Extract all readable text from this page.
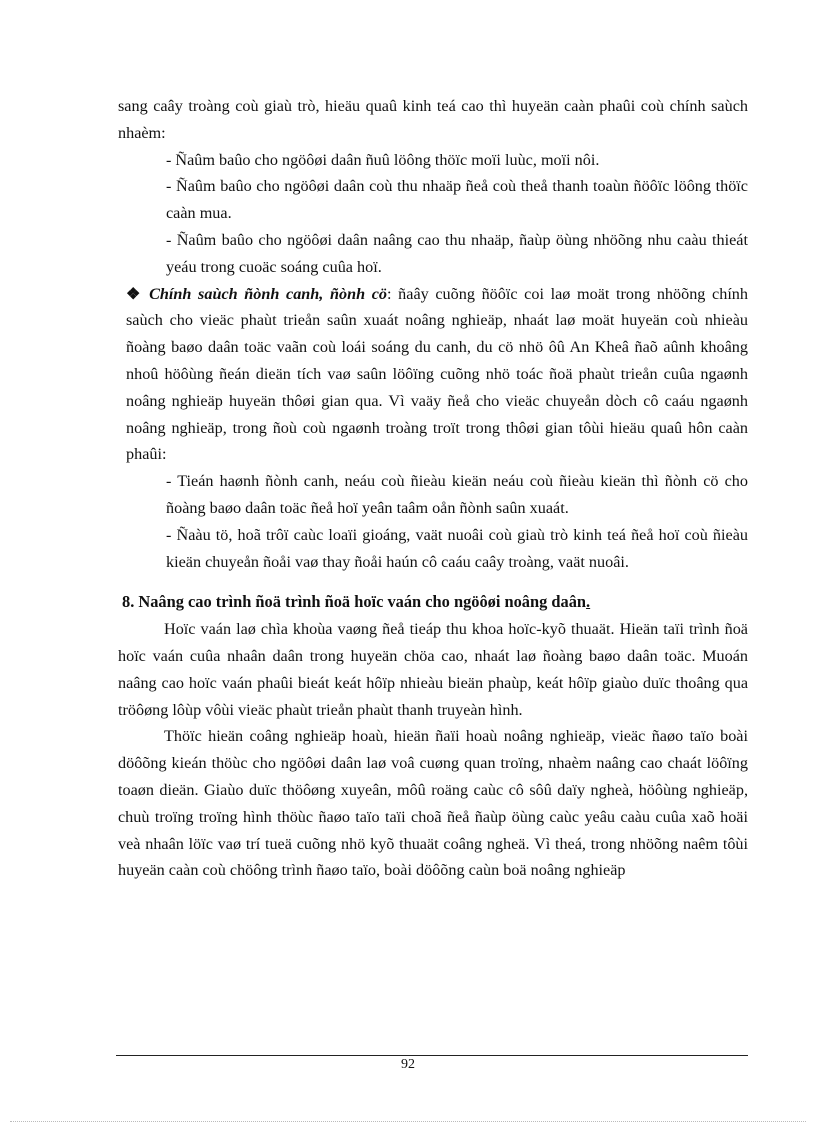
sang caây troàng coù giaù trò, hieäu quaû kinh teá cao thì huyeän caàn phaûi coù chính saùch nhaèm:

- Ñaûm baûo cho ngöôøi daân ñuû löông thöïc moïi luùc, moïi nôi.

- Ñaûm baûo cho ngöôøi daân coù thu nhaäp ñeå coù theå thanh toaùn ñöôïc löông thöïc caàn mua.

- Ñaûm baûo cho ngöôøi daân naâng cao thu nhaäp, ñaùp öùng nhöõng nhu caàu thieát yeáu trong cuoäc soáng cuûa hoï.

❖ Chính saùch ñònh canh, ñònh cö: ñaây cuõng ñöôïc coi laø moät trong nhöõng chính saùch cho vieäc phaùt trieån saûn xuaát noâng nghieäp, nhaát laø moät huyeän coù nhieàu ñoàng baøo daân toäc vaãn coù loái soáng du canh, du cö nhö ôû An Kheâ ñaõ aûnh khoâng nhoû höôùng ñeán dieän tích vaø saûn löôïng cuõng nhö toác ñoä phaùt trieån cuûa ngaønh noâng nghieäp huyeän thôøi gian qua. Vì vaäy ñeå cho vieäc chuyeån dòch cô caáu ngaønh noâng nghieäp, trong ñoù coù ngaønh troàng troït trong thôøi gian tôùi hieäu quaû hôn caàn phaûi:

- Tieán haønh ñònh canh, neáu coù ñieàu kieän neáu coù ñieàu kieän thì ñònh cö cho ñoàng baøo daân toäc ñeå hoï yeân taâm oån ñònh saûn xuaát.

- Ñaàu tö, hoã trôï caùc loaïi gioáng, vaät nuoâi coù giaù trò kinh teá ñeå hoï coù ñieàu kieän chuyeån ñoåi vaø thay ñoåi haún cô caáu caây troàng, vaät nuoâi.

8. Naâng cao trình ñoä trình ñoä hoïc vaán cho ngöôøi noâng daân.

Hoïc vaán laø chìa khoùa vaøng ñeå tieáp thu khoa hoïc-kyõ thuaät. Hieän taïi trình ñoä hoïc vaán cuûa nhaân daân trong huyeän chöa cao, nhaát laø ñoàng baøo daân toäc. Muoán naâng cao hoïc vaán phaûi bieát keát hôïp nhieàu bieän phaùp, keát hôïp giaùo duïc thoâng qua tröôøng lôùp vôùi vieäc phaùt trieån phaùt thanh truyeàn hình.

Thöïc hieän coâng nghieäp hoaù, hieän ñaïi hoaù noâng nghieäp, vieäc ñaøo taïo boài döôõng kieán thöùc cho ngöôøi daân laø voâ cuøng quan troïng, nhaèm naâng cao chaát löôïng toaøn dieän. Giaùo duïc thöôøng xuyeân, môû roäng caùc cô sôû daïy ngheà, höôùng nghieäp, chuù troïng troïng hình thöùc ñaøo taïo taïi choã ñeå ñaùp öùng caùc yeâu caàu cuûa xaõ hoäi veà nhaân löïc vaø trí tueä cuõng nhö kyõ thuaät coâng ngheä. Vì theá, trong nhöõng naêm tôùi huyeän caàn coù chöông trình ñaøo taïo, boài döôõng caùn boä noâng nghieäp

92
